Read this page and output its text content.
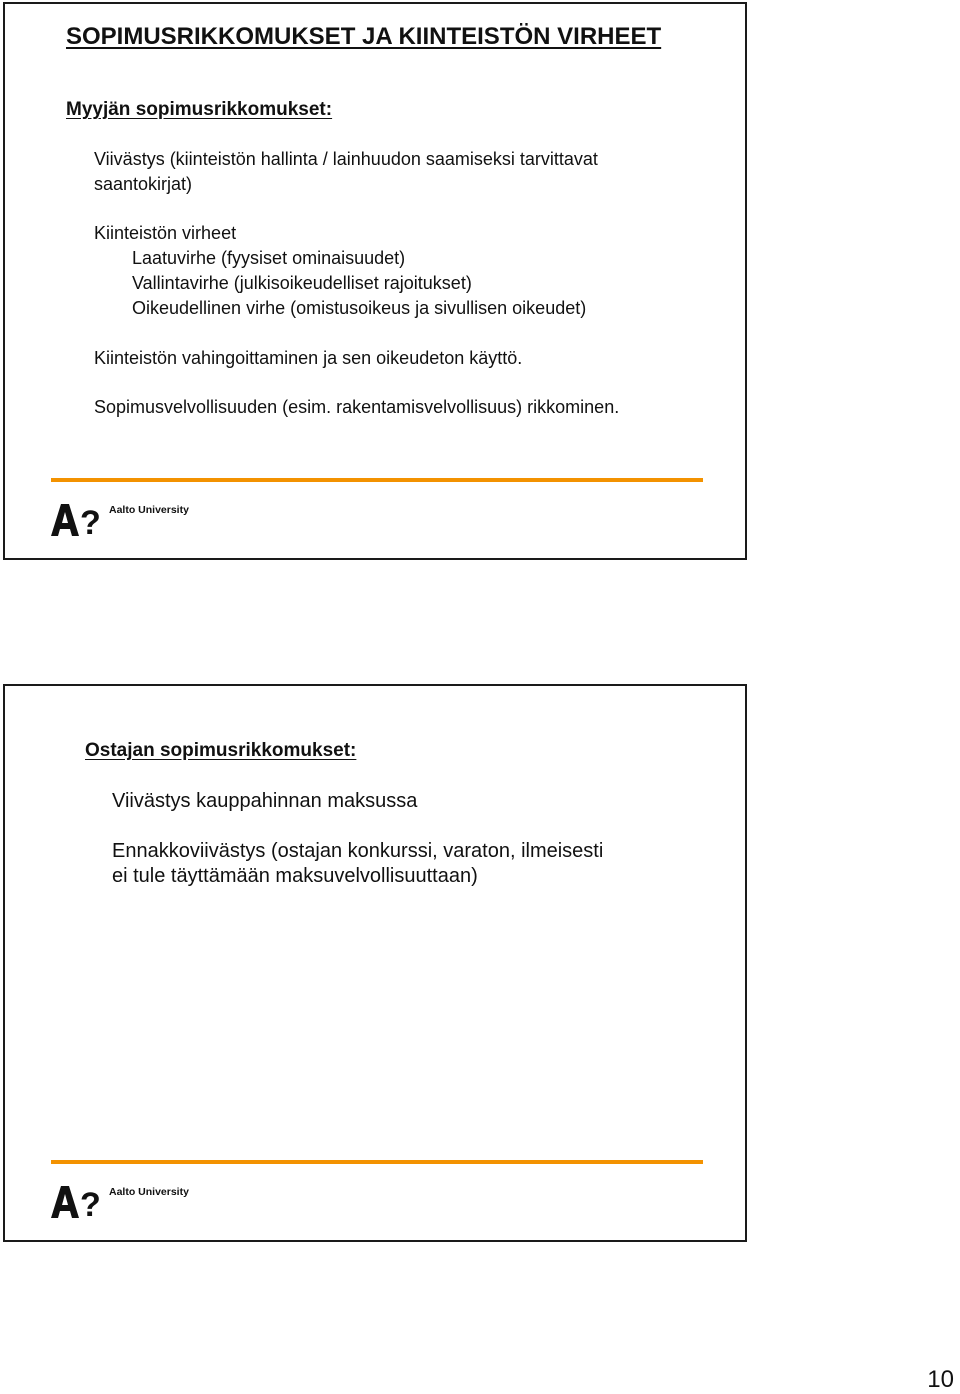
SOPIMUSRIKKOMUKSET JA KIINTEISTÖN VIRHEET
Myyjän sopimusrikkomukset:
Viivästys (kiinteistön hallinta / lainhuudon saamiseksi tarvittavat
saantokirjat)
Kiinteistön virheet
Laatuvirhe (fyysiset ominaisuudet)
Vallintavirhe (julkisoikeudelliset rajoitukset)
Oikeudellinen virhe (omistusoikeus ja sivullisen oikeudet)
Kiinteistön vahingoittaminen ja sen oikeudeton käyttö.
Sopimusvelvollisuuden (esim. rakentamisvelvollisuus) rikkominen.
? Aalto University
Ostajan sopimusrikkomukset:
Viivästys kauppahinnan maksussa
Ennakkoviivästys (ostajan konkurssi, varaton, ilmeisesti
ei tule täyttämään maksuvelvollisuuttaan)
? Aalto University
10
